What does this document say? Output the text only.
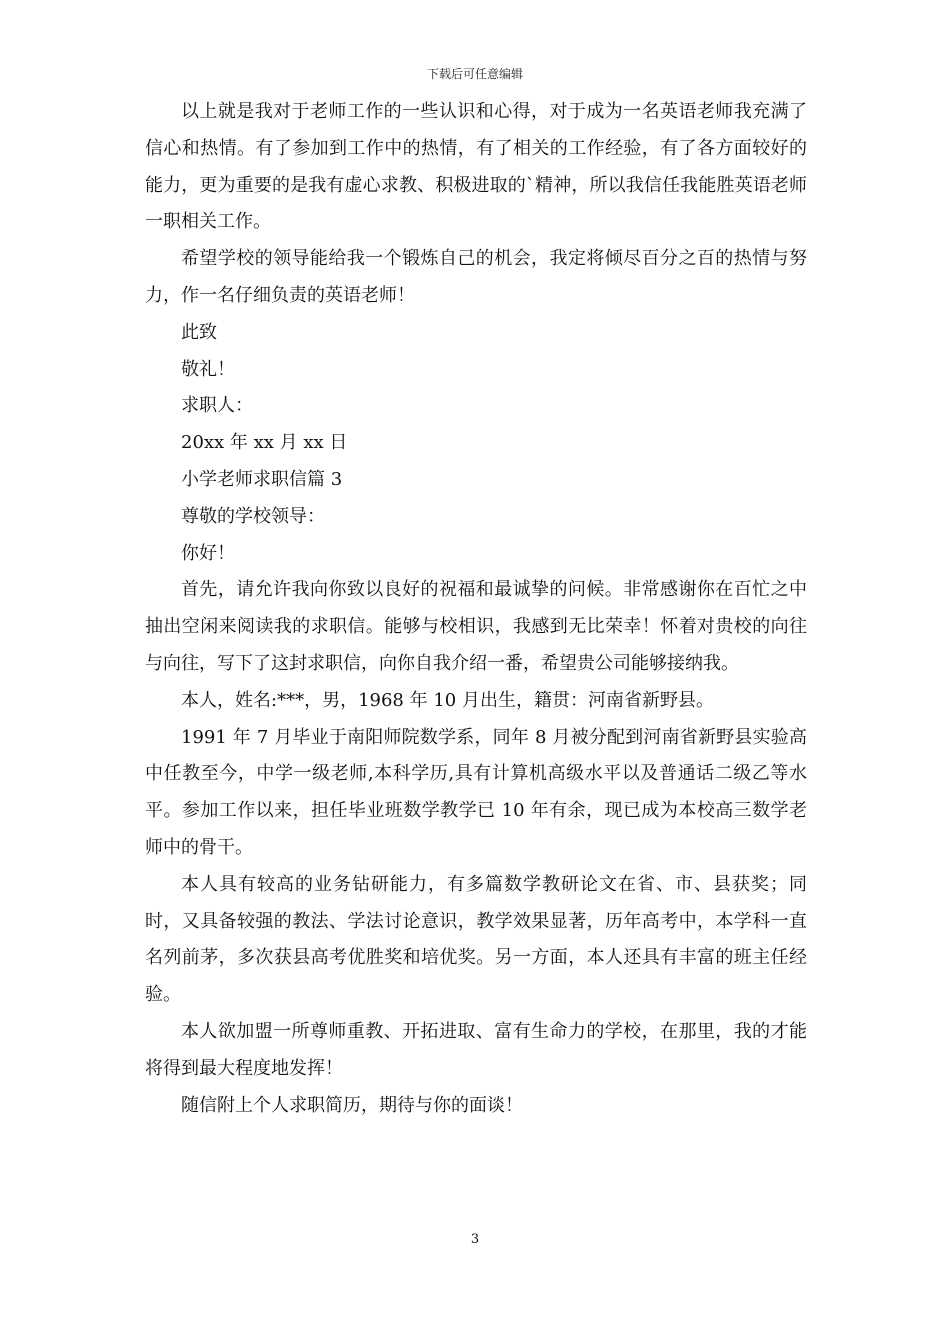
下载后可任意编辑

以上就是我对于老师工作的一些认识和心得，对于成为一名英语老师我充满了信心和热情。有了参加到工作中的热情，有了相关的工作经验，有了各方面较好的能力，更为重要的是我有虚心求教、积极进取的`精神，所以我信任我能胜英语老师一职相关工作。

希望学校的领导能给我一个锻炼自己的机会，我定将倾尽百分之百的热情与努力，作一名仔细负责的英语老师！

此致

敬礼！

求职人：

20xx 年 xx 月 xx 日

小学老师求职信篇 3

尊敬的学校领导：

你好！

首先，请允许我向你致以良好的祝福和最诚挚的问候。非常感谢你在百忙之中抽出空闲来阅读我的求职信。能够与校相识，我感到无比荣幸！怀着对贵校的向往与向往，写下了这封求职信，向你自我介绍一番，希望贵公司能够接纳我。

本人，姓名:***，男，1968 年 10 月出生，籍贯：河南省新野县。

1991 年 7 月毕业于南阳师院数学系，同年 8 月被分配到河南省新野县实验高中任教至今，中学一级老师,本科学历,具有计算机高级水平以及普通话二级乙等水平。参加工作以来，担任毕业班数学教学已 10 年有余，现已成为本校高三数学老师中的骨干。

本人具有较高的业务钻研能力，有多篇数学教研论文在省、市、县获奖；同时，又具备较强的教法、学法讨论意识，教学效果显著，历年高考中，本学科一直名列前茅，多次获县高考优胜奖和培优奖。另一方面，本人还具有丰富的班主任经验。

本人欲加盟一所尊师重教、开拓进取、富有生命力的学校，在那里，我的才能将得到最大程度地发挥！

随信附上个人求职简历，期待与你的面谈！

3
